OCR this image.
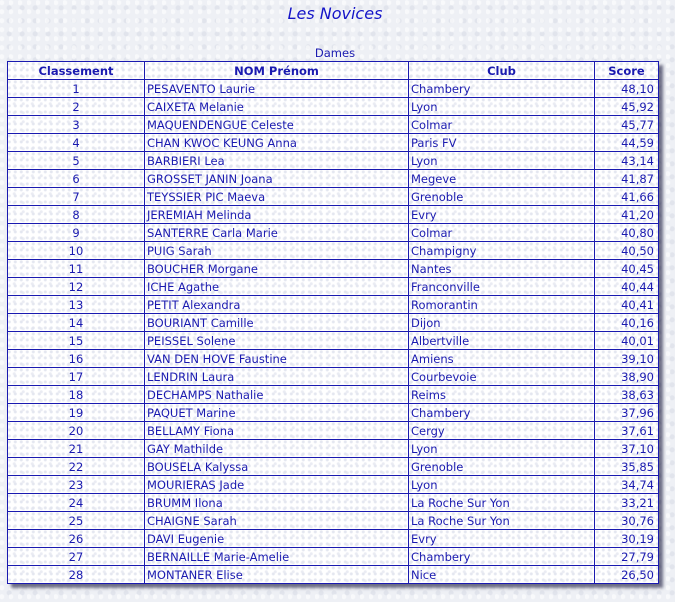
Les Novices
Dames
Classement	NOM Prénom	Club	Score
1	PESAVENTO Laurie	Chambery	48,10
2	CAIXETA Melanie	Lyon	45,92
3	MAQUENDENGUE Celeste	Colmar	45,77
4	CHAN KWOC KEUNG Anna	Paris FV	44,59
5	BARBIERI Lea	Lyon	43,14
6	GROSSET JANIN Joana	Megeve	41,87
7	TEYSSIER PIC Maeva	Grenoble	41,66
8	JEREMIAH Melinda	Evry	41,20
9	SANTERRE Carla Marie	Colmar	40,80
10	PUIG Sarah	Champigny	40,50
11	BOUCHER Morgane	Nantes	40,45
12	ICHE Agathe	Franconville	40,44
13	PETIT Alexandra	Romorantin	40,41
14	BOURIANT Camille	Dijon	40,16
15	PEISSEL Solene	Albertville	40,01
16	VAN DEN HOVE Faustine	Amiens	39,10
17	LENDRIN Laura	Courbevoie	38,90
18	DECHAMPS Nathalie	Reims	38,63
19	PAQUET Marine	Chambery	37,96
20	BELLAMY Fiona	Cergy	37,61
21	GAY Mathilde	Lyon	37,10
22	BOUSELA Kalyssa	Grenoble	35,85
23	MOURIERAS Jade	Lyon	34,74
24	BRUMM Ilona	La Roche Sur Yon	33,21
25	CHAIGNE Sarah	La Roche Sur Yon	30,76
26	DAVI Eugenie	Evry	30,19
27	BERNAILLE Marie-Amelie	Chambery	27,79
28	MONTANER Elise	Nice	26,50
